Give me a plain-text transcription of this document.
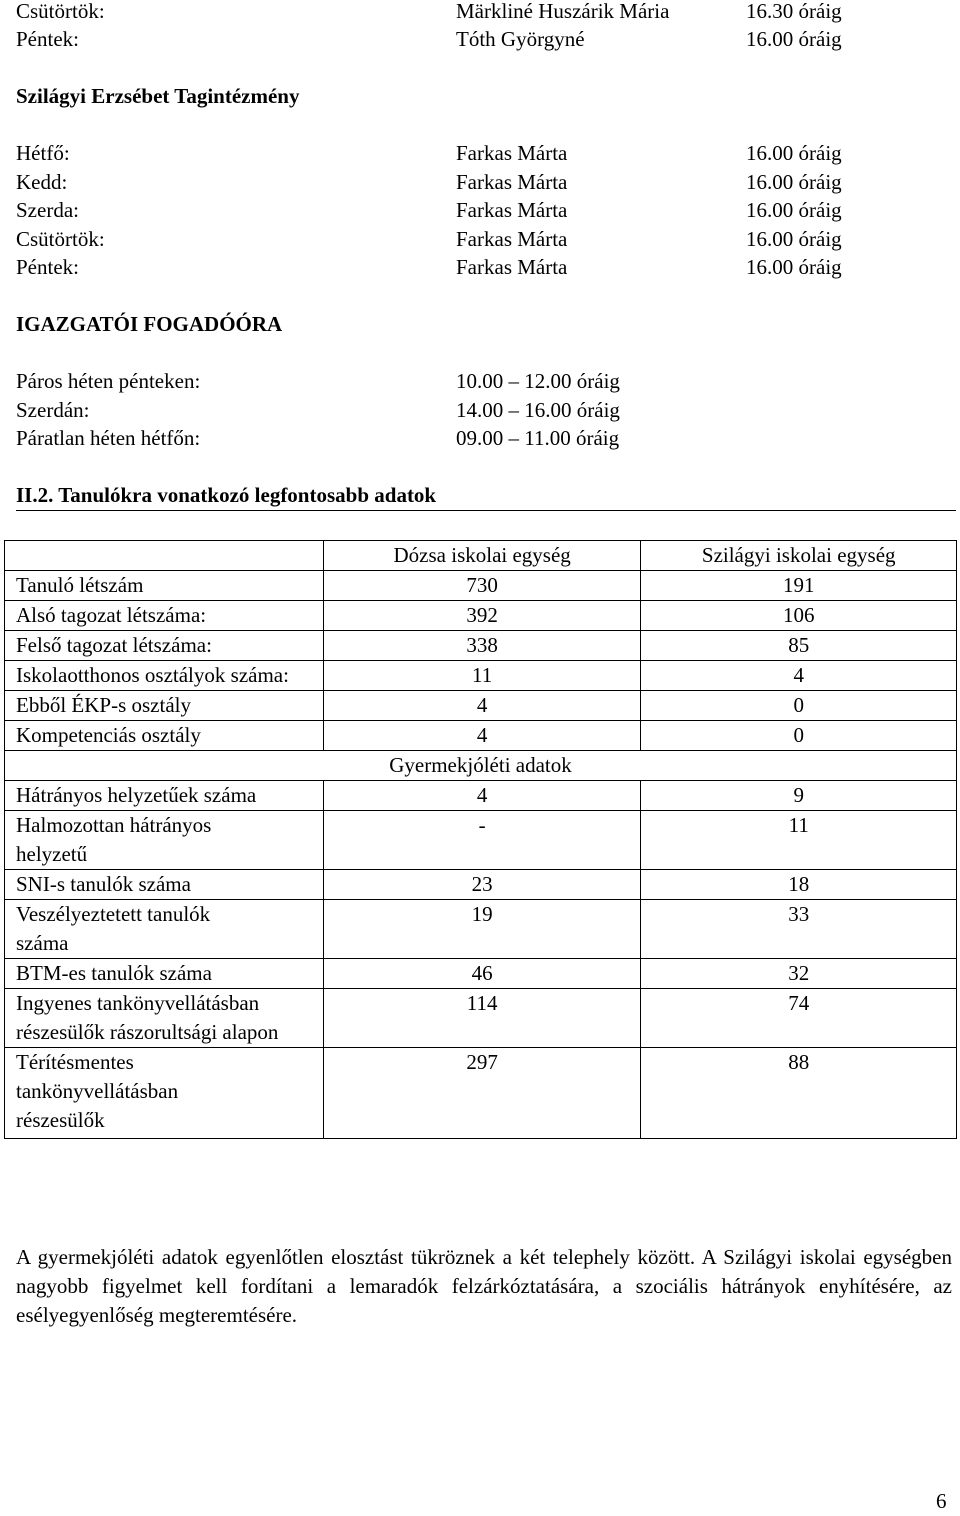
Csütörtök:	Märkliné Huszárik Mária	16.30 óráig
Péntek:	Tóth Györgyné	16.00 óráig
Szilágyi Erzsébet Tagintézmény
Hétfő:	Farkas Márta	16.00 óráig
Kedd:	Farkas Márta	16.00 óráig
Szerda:	Farkas Márta	16.00 óráig
Csütörtök:	Farkas Márta	16.00 óráig
Péntek:	Farkas Márta	16.00 óráig
IGAZGATÓI FOGADÓÓRA
Páros héten pénteken:	10.00 – 12.00 óráig
Szerdán:	14.00 – 16.00 óráig
Páratlan héten hétfőn:	09.00 – 11.00 óráig
II.2. Tanulókra vonatkozó legfontosabb adatok
	Dózsa iskolai egység	Szilágyi iskolai egység
Tanuló létszám	730	191
Alsó tagozat létszáma:	392	106
Felső tagozat létszáma:	338	85
Iskolaotthonos osztályok száma:	11	4
Ebből ÉKP-s osztály	4	0
Kompetenciás osztály	4	0
Gyermekjóléti adatok		
Hátrányos helyzetűek száma	4	9
Halmozottan hátrányos helyzetű	-	11
SNI-s tanulók száma	23	18
Veszélyeztetett tanulók száma	19	33
BTM-es tanulók száma	46	32
Ingyenes tankönyvellátásban részesülők rászorultsági alapon	114	74
Térítésmentes tankönyvellátásban részesülők	297	88
A gyermekjóléti adatok egyenlőtlen elosztást tükröznek a két telephely között. A Szilágyi iskolai egységben nagyobb figyelmet kell fordítani a lemaradók felzárkóztatására, a szociális hátrányok enyhítésére, az esélyegyenlőség megteremtésére.
6
